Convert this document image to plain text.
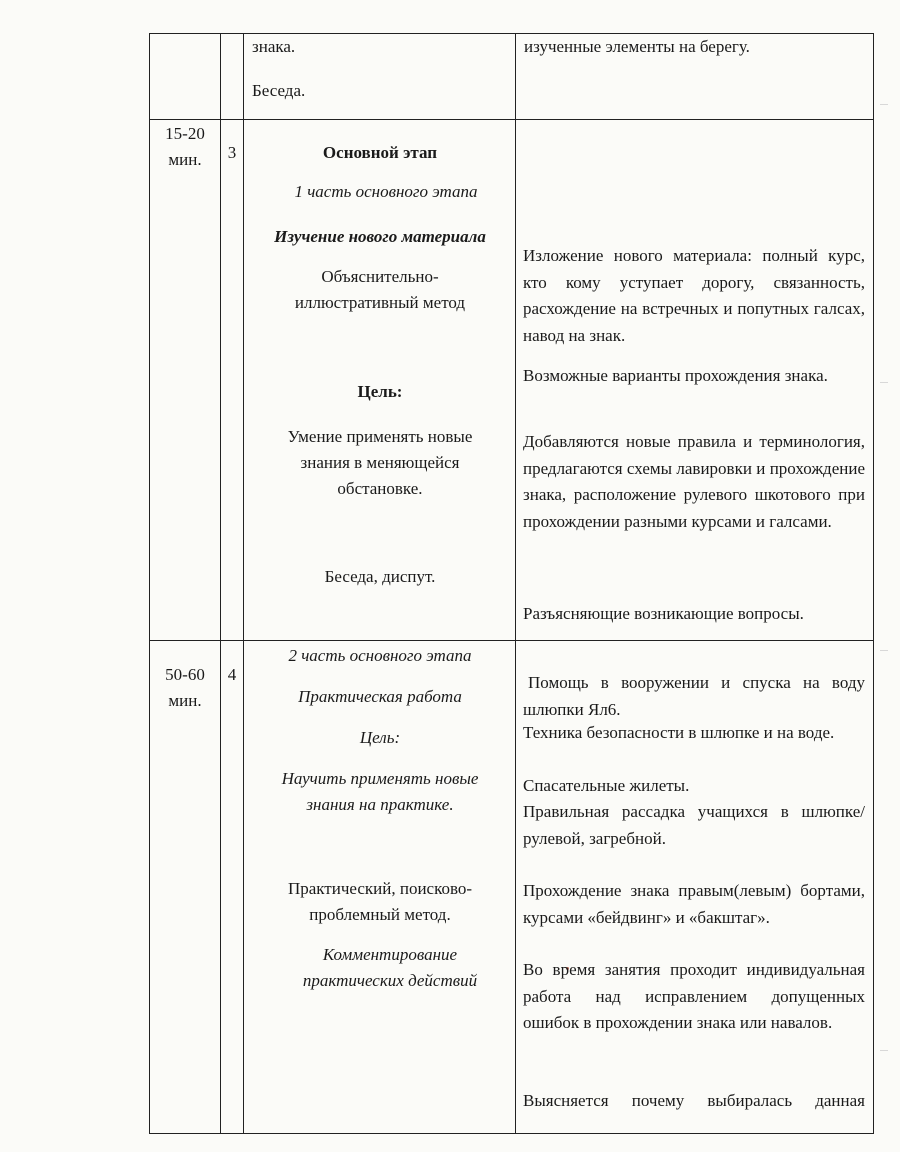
знака.
Беседа.
изученные элементы на берегу.
15-20
мин.	3	Основной этап
1 часть основного этапа
Изучение нового материала
Объяснительно-
иллюстративный метод
Цель:
Умение применять новые
знания в меняющейся
обстановке.
Беседа, диспут.
Изложение нового материала: полный курс, кто кому уступает дорогу, связанность, расхождение на встречных и попутных галсах, навод на знак.
Возможные варианты прохождения знака.
Добавляются новые правила и терминология, предлагаются схемы лавировки и прохождение знака, расположение рулевого шкотового при прохождении разными курсами и галсами.
Разъясняющие возникающие вопросы.
50-60
мин.
4
2 часть основного этапа
Практическая работа
Цель:
Научить применять новые
знания на практике.
Практический, поисково-
проблемный метод.
Комментирование
практических действий
Помощь в вооружении и спуска на воду шлюпки Ял6.
Техника безопасности в шлюпке и на воде.
Спасательные жилеты.
Правильная рассадка учащихся в шлюпке/ рулевой, загребной.
Прохождение знака правым(левым) бортами, курсами «бейдвинг» и «бакштаг».
Во время занятия проходит индивидуальная работа над исправлением допущенных ошибок в прохождении знака или навалов.
Выясняется почему выбиралась данная
